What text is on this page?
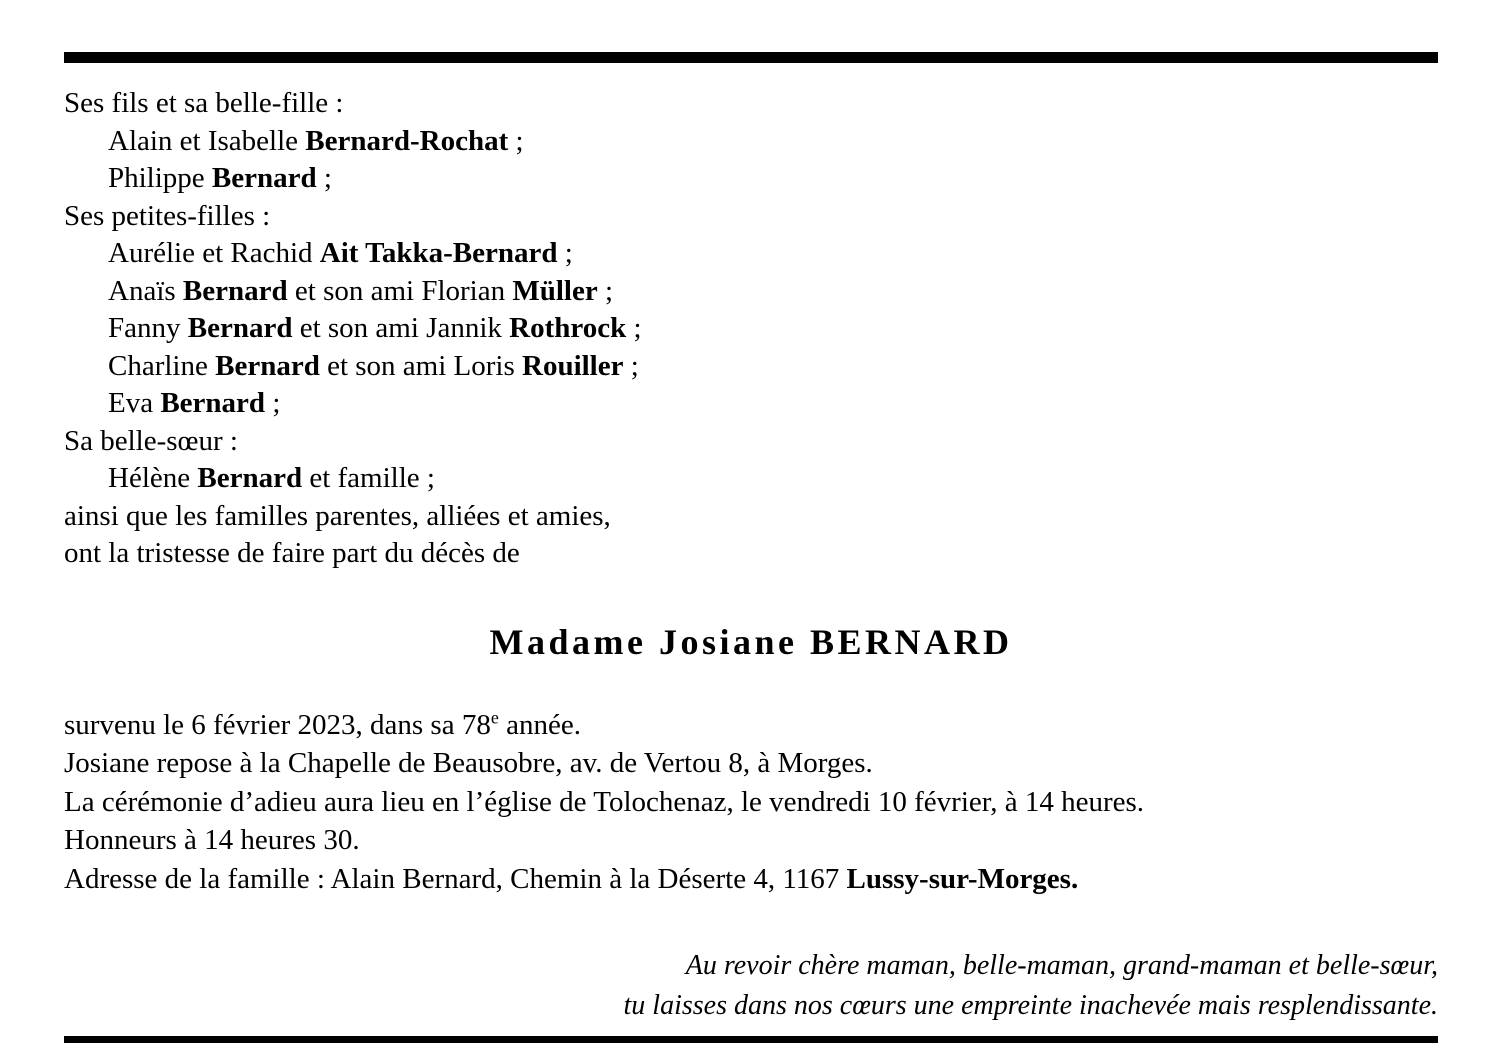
Ses fils et sa belle-fille :
Alain et Isabelle Bernard-Rochat ;
Philippe Bernard ;
Ses petites-filles :
Aurélie et Rachid Ait Takka-Bernard ;
Anaïs Bernard et son ami Florian Müller ;
Fanny Bernard et son ami Jannik Rothrock ;
Charline Bernard et son ami Loris Rouiller ;
Eva Bernard ;
Sa belle-sœur :
Hélène Bernard et famille ;
ainsi que les familles parentes, alliées et amies,
ont la tristesse de faire part du décès de
Madame Josiane BERNARD
survenu le 6 février 2023, dans sa 78e année.
Josiane repose à la Chapelle de Beausobre, av. de Vertou 8, à Morges.
La cérémonie d’adieu aura lieu en l’église de Tolochenaz, le vendredi 10 février, à 14 heures.
Honneurs à 14 heures 30.
Adresse de la famille : Alain Bernard, Chemin à la Déserte 4, 1167 Lussy-sur-Morges.
Au revoir chère maman, belle-maman, grand-maman et belle-sœur,
tu laisses dans nos cœurs une empreinte inachevée mais resplendissante.
